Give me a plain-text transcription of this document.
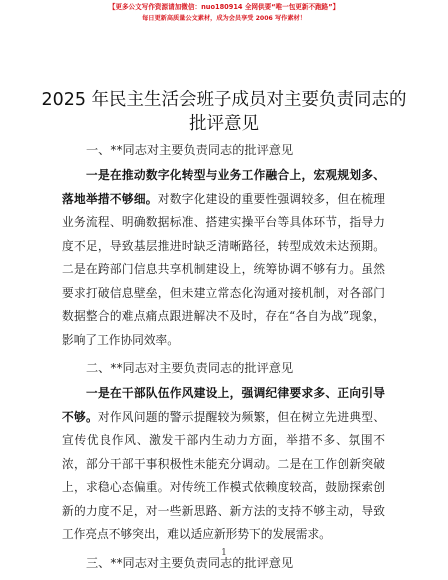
【更多公文写作资源请加微信：nuo180914 全网供要“唯一包更新不跑路”】
每日更新高质量公文素材，成为会员享受 2006 写作素材！
2025 年民主生活会班子成员对主要负责同志的批评意见
一、**同志对主要负责同志的批评意见

一是在推动数字化转型与业务工作融合上，宏观规划多、落地举措不够细。对数字化建设的重要性强调较多，但在梳理业务流程、明确数据标准、搭建实操平台等具体环节，指导力度不足，导致基层推进时缺乏清晰路径，转型成效未达预期。二是在跨部门信息共享机制建设上，统筹协调不够有力。虽然要求打破信息壁垒，但未建立常态化沟通对接机制，对各部门数据整合的难点痛点跟进解决不及时，存在“各自为战”现象，影响了工作协同效率。

二、**同志对主要负责同志的批评意见

一是在干部队伍作风建设上，强调纪律要求多、正向引导不够。对作风问题的警示提醒较为频繁，但在树立先进典型、宣传优良作风、激发干部内生动力方面，举措不多、氛围不浓，部分干部干事积极性未能充分调动。二是在工作创新突破上，求稳心态偏重。对传统工作模式依赖度较高，鼓励探索创新的力度不足，对一些新思路、新方法的支持不够主动，导致工作亮点不够突出，难以适应新形势下的发展需求。

三、**同志对主要负责同志的批评意见
1
